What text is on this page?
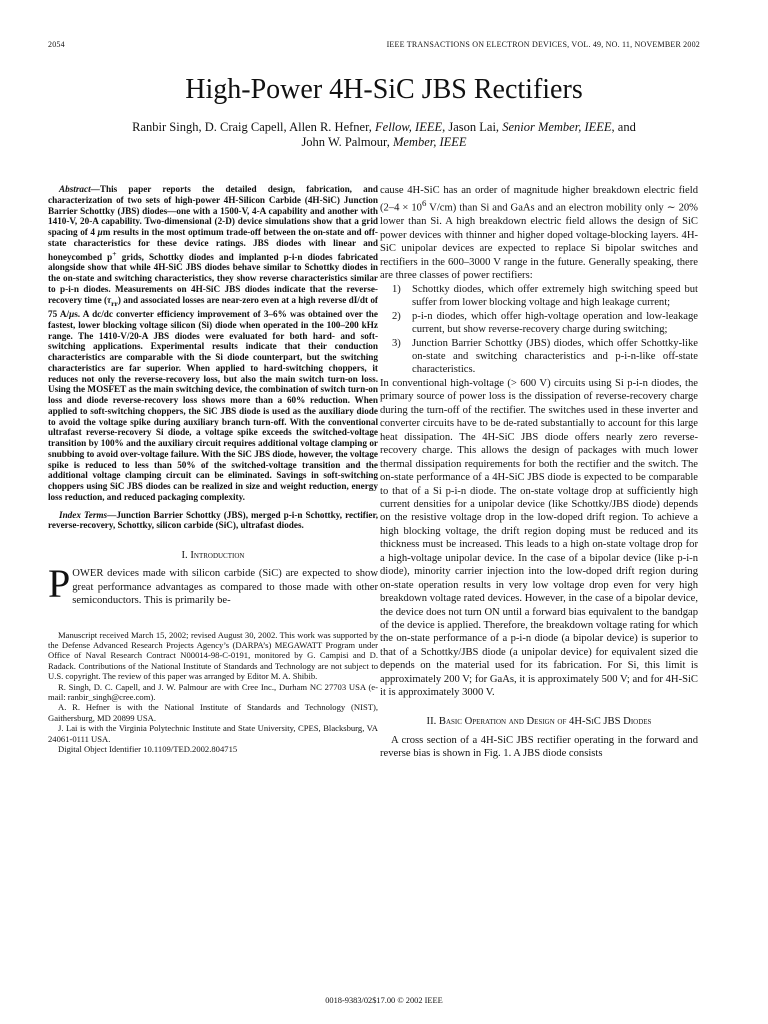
2054	IEEE TRANSACTIONS ON ELECTRON DEVICES, VOL. 49, NO. 11, NOVEMBER 2002
High-Power 4H-SiC JBS Rectifiers
Ranbir Singh, D. Craig Capell, Allen R. Hefner, Fellow, IEEE, Jason Lai, Senior Member, IEEE, and
John W. Palmour, Member, IEEE

Abstract—This paper reports the detailed design, fabrication, and characterization of two sets of high-power 4H-Silicon Carbide (4H-SiC) Junction Barrier Schottky (JBS) diodes—one with a 1500-V, 4-A capability and another with 1410-V, 20-A capability. Two-dimensional (2-D) device simulations show that a grid spacing of 4 μm results in the most optimum trade-off between the on-state and off-state characteristics for these device ratings. JBS diodes with linear and honeycombed p+ grids, Schottky diodes and implanted p-i-n diodes fabricated alongside show that while 4H-SiC JBS diodes behave similar to Schottky diodes in the on-state and switching characteristics, they show reverse characteristics similar to p-i-n diodes. Measurements on 4H-SiC JBS diodes indicate that the reverse-recovery time $(\tau_{rr})$ and associated losses are near-zero even at a high reverse dI/dt of 75 A/μs. A dc/dc converter efficiency improvement of 3–6% was obtained over the fastest, lower blocking voltage silicon (Si) diode when operated in the 100–200 kHz range. The 1410-V/20-A JBS diodes were evaluated for both hard- and soft-switching applications. Experimental results indicate that their conduction characteristics are comparable with the Si diode counterpart, but the switching characteristics are far superior. When applied to hard-switching choppers, it reduces not only the reverse-recovery loss, but also the main switch turn-on loss. Using the MOSFET as the main switching device, the combination of switch turn-on loss and diode reverse-recovery loss shows more than a 60% reduction. When applied to soft-switching choppers, the SiC JBS diode is used as the auxiliary diode to avoid the voltage spike during auxiliary branch turn-off. With the conventional ultrafast reverse-recovery Si diode, a voltage spike exceeds the switched-voltage transition by 100% and the auxiliary circuit requires additional voltage clamping or snubbing to avoid over-voltage failure. With the SiC JBS diode, however, the voltage spike is reduced to less than 50% of the switched-voltage transition and the additional voltage clamping circuit can be eliminated. Savings in soft-switching choppers using SiC JBS diodes can be realized in size and weight reduction, energy loss reduction, and reduced packaging complexity.

Index Terms—Junction Barrier Schottky (JBS), merged p-i-n Schottky, rectifier, reverse-recovery, Schottky, silicon carbide (SiC), ultrafast diodes.

I. Introduction

POWER devices made with silicon carbide (SiC) are expected to show great performance advantages as compared to those made with other semiconductors. This is primarily be-

Manuscript received March 15, 2002; revised August 30, 2002. This work was supported by the Defense Advanced Research Projects Agency’s (DARPA’s) MEGAWATT Program under Office of Naval Research Contract N00014-98-C-0191, monitored by G. Campisi and D. Radack. Contributions of the National Institute of Standards and Technology are not subject to U.S. copyright. The review of this paper was arranged by Editor M. A. Shibib.

R. Singh, D. C. Capell, and J. W. Palmour are with Cree Inc., Durham NC 27703 USA (e-mail: ranbir_singh@cree.com).

A. R. Hefner is with the National Institute of Standards and Technology (NIST), Gaithersburg, MD 20899 USA.

J. Lai is with the Virginia Polytechnic Institute and State University, CPES, Blacksburg, VA 24061-0111 USA.

Digital Object Identifier 10.1109/TED.2002.804715

cause 4H-SiC has an order of magnitude higher breakdown electric field ($2-4 \times 10^6$ V/cm) than Si and GaAs and an electron mobility only ∼ 20% lower than Si. A high breakdown electric field allows the design of SiC power devices with thinner and higher doped voltage-blocking layers. 4H-SiC unipolar devices are expected to replace Si bipolar switches and rectifiers in the 600–3000 V range in the future. Generally speaking, there are three classes of power rectifiers:

1) Schottky diodes, which offer extremely high switching speed but suffer from lower blocking voltage and high leakage current;
2) p-i-n diodes, which offer high-voltage operation and low-leakage current, but show reverse-recovery charge during switching;
3) Junction Barrier Schottky (JBS) diodes, which offer Schottky-like on-state and switching characteristics and p-i-n-like off-state characteristics.

In conventional high-voltage (> 600 V) circuits using Si p-i-n diodes, the primary source of power loss is the dissipation of reverse-recovery charge during the turn-off of the rectifier. The switches used in these inverter and converter circuits have to be de-rated substantially to account for this large heat dissipation. The 4H-SiC JBS diode offers nearly zero reverse-recovery charge. This allows the design of packages with much lower thermal dissipation requirements for both the rectifier and the switch. The on-state performance of a 4H-SiC JBS diode is expected to be comparable to that of a Si p-i-n diode. The on-state voltage drop at sufficiently high current densities for a unipolar device (like Schottky/JBS diode) depends on the resistive voltage drop in the low-doped drift region. To achieve a high blocking voltage, the drift region doping must be reduced and its thickness must be increased. This leads to a high on-state voltage drop for a high-voltage unipolar device. In the case of a bipolar device (like p-i-n diode), minority carrier injection into the low-doped drift region during on-state operation results in very low voltage drop even for very high breakdown voltage rated devices. However, in the case of a bipolar device, the device does not turn ON until a forward bias equivalent to the bandgap of the device is applied. Therefore, the breakdown voltage rating for which the on-state performance of a p-i-n diode (a bipolar device) is superior to that of a Schottky/JBS diode (a unipolar device) for equivalent sized die depends on the material used for its fabrication. For Si, this limit is approximately 200 V; for GaAs, it is approximately 500 V; and for 4H-SiC it is approximately 3000 V.

II. Basic Operation and Design of 4H-SiC JBS Diodes

A cross section of a 4H-SiC JBS rectifier operating in the forward and reverse bias is shown in Fig. 1. A JBS diode consists

0018-9383/02$17.00 © 2002 IEEE
